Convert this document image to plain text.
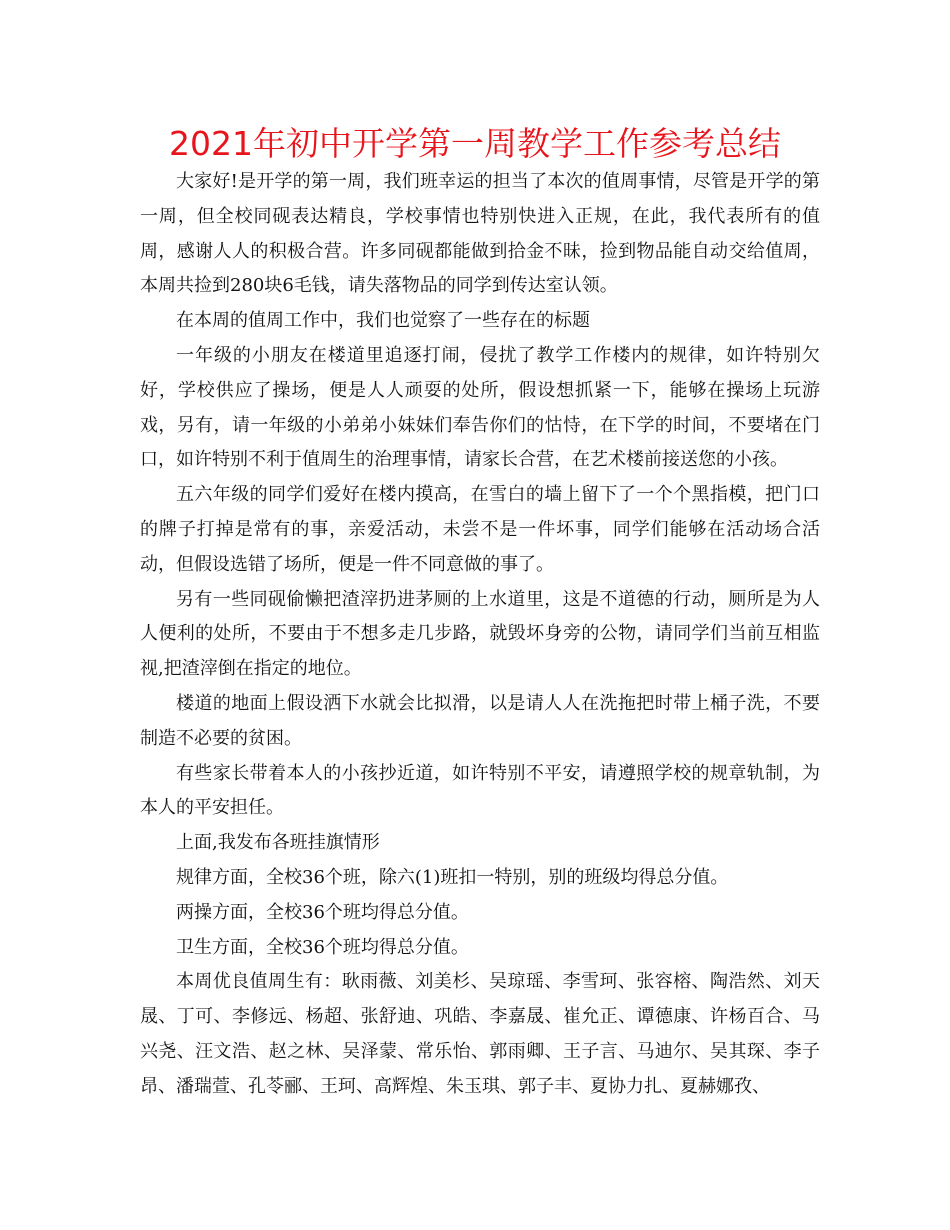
2021年初中开学第一周教学工作参考总结

大家好!是开学的第一周，我们班幸运的担当了本次的值周事情，尽管是开学的第一周，但全校同砚表达精良，学校事情也特别快进入正规，在此，我代表所有的值周，感谢人人的积极合营。许多同砚都能做到拾金不昧，捡到物品能自动交给值周，本周共捡到280块6毛钱，请失落物品的同学到传达室认领。

在本周的值周工作中，我们也觉察了一些存在的标题

一年级的小朋友在楼道里追逐打闹，侵扰了教学工作楼内的规律，如许特别欠好，学校供应了操场，便是人人顽耍的处所，假设想抓紧一下，能够在操场上玩游戏，另有，请一年级的小弟弟小妹妹们奉告你们的怙恃，在下学的时间，不要堵在门口，如许特别不利于值周生的治理事情，请家长合营，在艺术楼前接送您的小孩。

五六年级的同学们爱好在楼内摸高，在雪白的墙上留下了一个个黑指模，把门口的牌子打掉是常有的事，亲爱活动，未尝不是一件坏事，同学们能够在活动场合活动，但假设选错了场所，便是一件不同意做的事了。

另有一些同砚偷懒把渣滓扔进茅厕的上水道里，这是不道德的行动，厕所是为人人便利的处所，不要由于不想多走几步路，就毁坏身旁的公物，请同学们当前互相监视,把渣滓倒在指定的地位。

楼道的地面上假设洒下水就会比拟滑，以是请人人在洗拖把时带上桶子洗，不要制造不必要的贫困。

有些家长带着本人的小孩抄近道，如许特别不平安，请遵照学校的规章轨制，为本人的平安担任。

上面,我发布各班挂旗情形

规律方面，全校36个班，除六(1)班扣一特别，别的班级均得总分值。

两操方面，全校36个班均得总分值。

卫生方面，全校36个班均得总分值。

本周优良值周生有：耿雨薇、刘美杉、吴琼瑶、李雪珂、张容榕、陶浩然、刘天晟、丁可、李修远、杨超、张舒迪、巩皓、李嘉晟、崔允正、谭德康、许杨百合、马兴尧、汪文浩、赵之林、吴泽蒙、常乐怡、郭雨卿、王子言、马迪尔、吴其琛、李子昂、潘瑞萱、孔苓郦、王珂、高辉煌、朱玉琪、郭子丰、夏协力扎、夏赫娜孜、
